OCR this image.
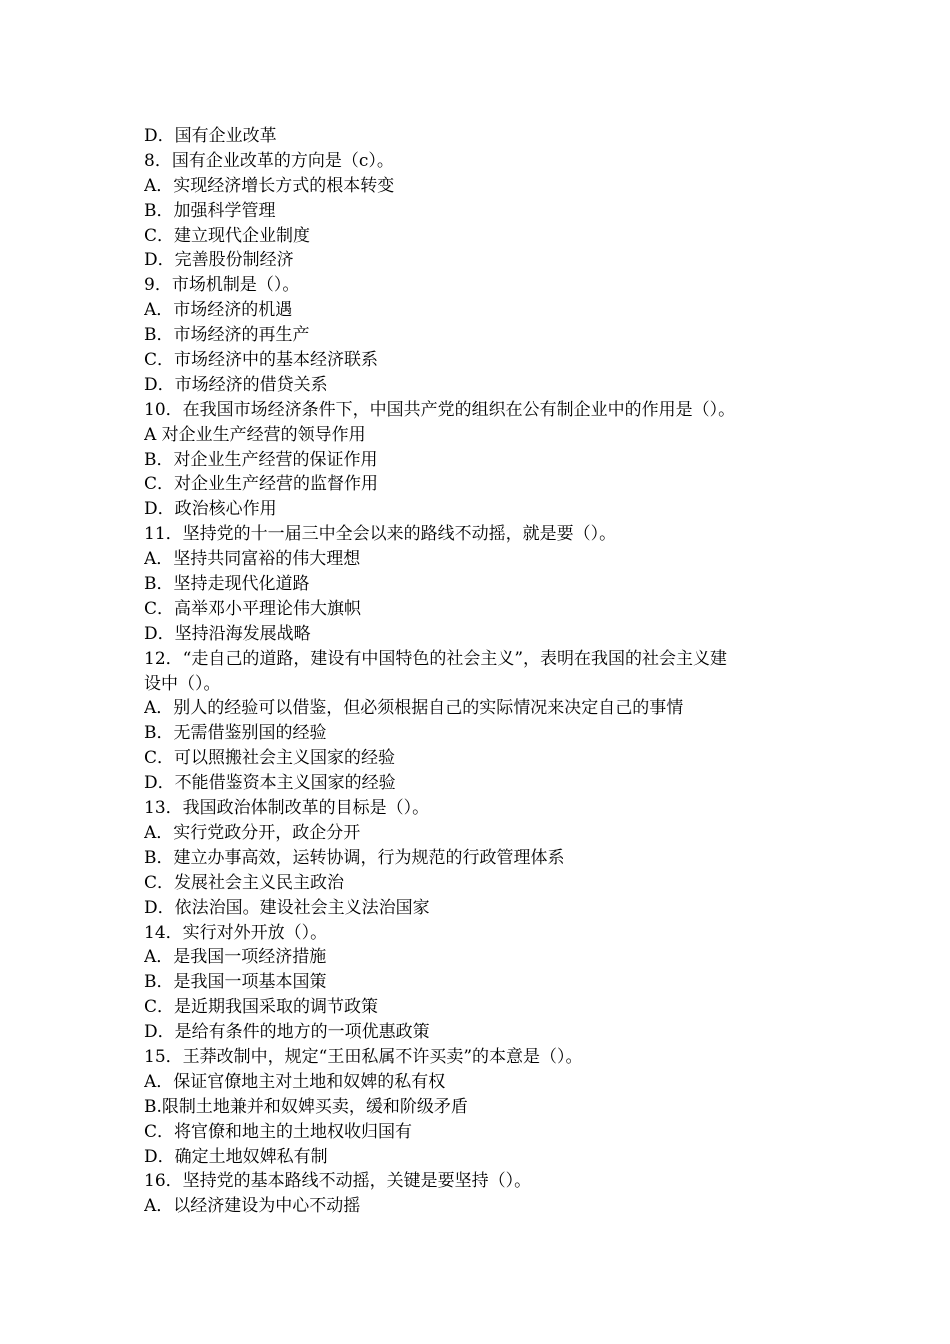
D．国有企业改革
8．国有企业改革的方向是（c）。
A．实现经济增长方式的根本转变
B．加强科学管理
C．建立现代企业制度
D．完善股份制经济
9．市场机制是（）。
A．市场经济的机遇
B．市场经济的再生产
C．市场经济中的基本经济联系
D．市场经济的借贷关系
10．在我国市场经济条件下，中国共产党的组织在公有制企业中的作用是（）。
A 对企业生产经营的领导作用
B．对企业生产经营的保证作用
C．对企业生产经营的监督作用
D．政治核心作用
11．坚持党的十一届三中全会以来的路线不动摇，就是要（）。
A．坚持共同富裕的伟大理想
B．坚持走现代化道路
C．高举邓小平理论伟大旗帜
D．坚持沿海发展战略
12．“走自己的道路，建设有中国特色的社会主义”，表明在我国的社会主义建
设中（）。
A．别人的经验可以借鉴，但必须根据自己的实际情况来决定自己的事情
B．无需借鉴别国的经验
C．可以照搬社会主义国家的经验
D．不能借鉴资本主义国家的经验
13．我国政治体制改革的目标是（）。
A．实行党政分开，政企分开
B．建立办事高效，运转协调，行为规范的行政管理体系
C．发展社会主义民主政治
D．依法治国。建设社会主义法治国家
14．实行对外开放（）。
A．是我国一项经济措施
B．是我国一项基本国策
C．是近期我国采取的调节政策
D．是给有条件的地方的一项优惠政策
15．王莽改制中，规定“王田私属不许买卖”的本意是（）。
A．保证官僚地主对土地和奴婢的私有权
B.限制土地兼并和奴婢买卖，缓和阶级矛盾
C．将官僚和地主的土地权收归国有
D．确定土地奴婢私有制
16．坚持党的基本路线不动摇，关键是要坚持（）。
A．以经济建设为中心不动摇
